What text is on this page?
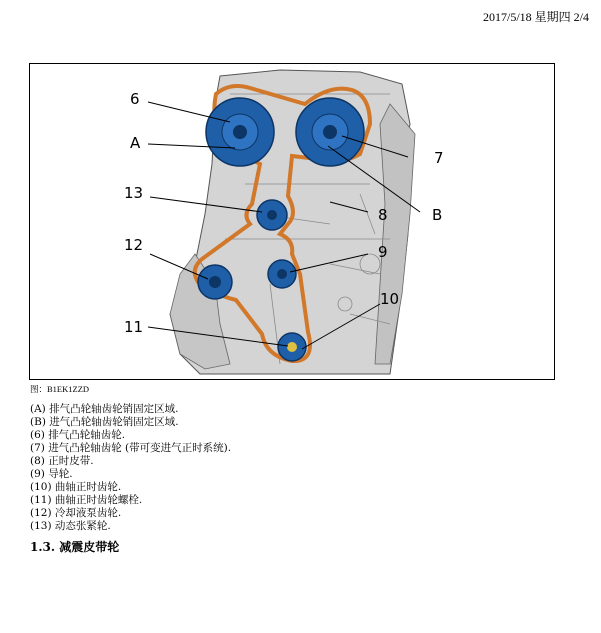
2017/5/18 星期四 2/4
6
A
13
12
11
7
8	B
9
10
图：B1EK1ZZD
(A) 排气凸轮轴齿轮销固定区域.
(B) 进气凸轮轴齿轮销固定区域.
(6) 排气凸轮轴齿轮.
(7) 进气凸轮轴齿轮 (带可变进气正时系统).
(8) 正时皮带.
(9) 导轮.
(10) 曲轴正时齿轮.
(11) 曲轴正时齿轮螺栓.
(12) 冷却液泵齿轮.
(13) 动态张紧轮.
1.3. 减震皮带轮
